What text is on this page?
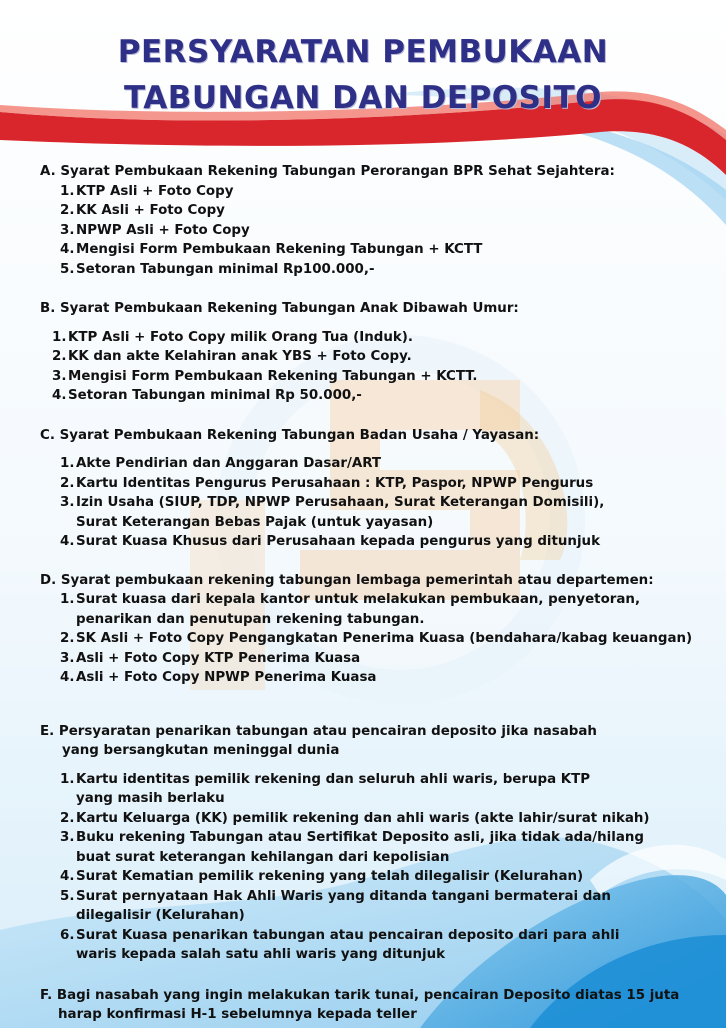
PERSYARATAN PEMBUKAAN
TABUNGAN DAN DEPOSITO
A. Syarat Pembukaan Rekening Tabungan Perorangan BPR Sehat Sejahtera:
1. KTP Asli + Foto Copy
2. KK Asli + Foto Copy
3. NPWP Asli + Foto Copy
4. Mengisi Form Pembukaan Rekening Tabungan + KCTT
5. Setoran Tabungan minimal Rp100.000,-
B. Syarat Pembukaan Rekening Tabungan Anak Dibawah Umur:
1. KTP Asli + Foto Copy milik Orang Tua (Induk).
2. KK dan akte Kelahiran anak YBS + Foto Copy.
3. Mengisi Form Pembukaan Rekening Tabungan + KCTT.
4. Setoran Tabungan minimal Rp 50.000,-
C. Syarat Pembukaan Rekening Tabungan Badan Usaha / Yayasan:
1. Akte Pendirian dan Anggaran Dasar/ART
2. Kartu Identitas Pengurus Perusahaan : KTP, Paspor, NPWP Pengurus
3. Izin Usaha (SIUP, TDP, NPWP Perusahaan, Surat Keterangan Domisili),
Surat Keterangan Bebas Pajak (untuk yayasan)
4. Surat Kuasa Khusus dari Perusahaan kepada pengurus yang ditunjuk
D. Syarat pembukaan rekening tabungan lembaga pemerintah atau departemen:
1. Surat kuasa dari kepala kantor untuk melakukan pembukaan, penyetoran,
penarikan dan penutupan rekening tabungan.
2. SK Asli + Foto Copy Pengangkatan Penerima Kuasa (bendahara/kabag keuangan)
3. Asli + Foto Copy KTP Penerima Kuasa
4. Asli + Foto Copy NPWP Penerima Kuasa
E. Persyaratan penarikan tabungan atau pencairan deposito jika nasabah
yang bersangkutan meninggal dunia
1. Kartu identitas pemilik rekening dan seluruh ahli waris, berupa KTP
yang masih berlaku
2. Kartu Keluarga (KK) pemilik rekening dan ahli waris (akte lahir/surat nikah)
3. Buku rekening Tabungan atau Sertifikat Deposito asli, jika tidak ada/hilang
buat surat keterangan kehilangan dari kepolisian
4. Surat Kematian pemilik rekening yang telah dilegalisir (Kelurahan)
5. Surat pernyataan Hak Ahli Waris yang ditanda tangani bermaterai dan
dilegalisir (Kelurahan)
6. Surat Kuasa penarikan tabungan atau pencairan deposito dari para ahli
waris kepada salah satu ahli waris yang ditunjuk
F. Bagi nasabah yang ingin melakukan tarik tunai, pencairan Deposito diatas 15 juta
harap konfirmasi H-1 sebelumnya kepada teller
